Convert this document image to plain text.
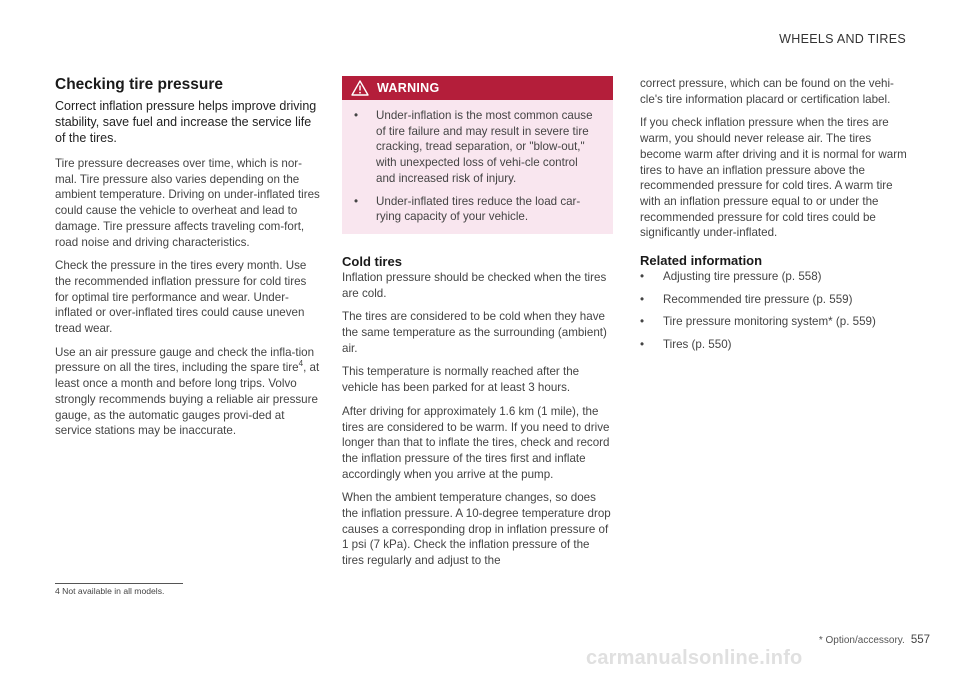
WHEELS AND TIRES
Checking tire pressure

Correct inflation pressure helps improve driving stability, save fuel and increase the service life of the tires.

Tire pressure decreases over time, which is nor-mal. Tire pressure also varies depending on the ambient temperature. Driving on under-inflated tires could cause the vehicle to overheat and lead to damage. Tire pressure affects traveling com-fort, road noise and driving characteristics.

Check the pressure in the tires every month. Use the recommended inflation pressure for cold tires for optimal tire performance and wear. Under-inflated or over-inflated tires could cause uneven tread wear.

Use an air pressure gauge and check the infla-tion pressure on all the tires, including the spare tire$^4$, at least once a month and before long trips. Volvo strongly recommends buying a reliable air pressure gauge, as the automatic gauges provi-ded at service stations may be inaccurate.

WARNING
•	Under-inflation is the most common cause of tire failure and may result in severe tire cracking, tread separation, or "blow-out," with unexpected loss of vehi-cle control and increased risk of injury.
•	Under-inflated tires reduce the load car-rying capacity of your vehicle.
Cold tires

Inflation pressure should be checked when the tires are cold.

The tires are considered to be cold when they have the same temperature as the surrounding (ambient) air.

This temperature is normally reached after the vehicle has been parked for at least 3 hours.

After driving for approximately 1.6 km (1 mile), the tires are considered to be warm. If you need to drive longer than that to inflate the tires, check and record the inflation pressure of the tires first and inflate accordingly when you arrive at the pump.

When the ambient temperature changes, so does the inflation pressure. A 10-degree temperature drop causes a corresponding drop in inflation pressure of 1 psi (7 kPa). Check the inflation pressure of the tires regularly and adjust to the

correct pressure, which can be found on the vehi-cle's tire information placard or certification label.

If you check inflation pressure when the tires are warm, you should never release air. The tires become warm after driving and it is normal for warm tires to have an inflation pressure above the recommended pressure for cold tires. A warm tire with an inflation pressure equal to or under the recommended pressure for cold tires could be significantly under-inflated.

Related information
•	Adjusting tire pressure (p. 558)
•	Recommended tire pressure (p. 559)
•	Tire pressure monitoring system* (p. 559)
•	Tires (p. 550)
4 Not available in all models.
* Option/accessory. 557
carmanualsonline.info
